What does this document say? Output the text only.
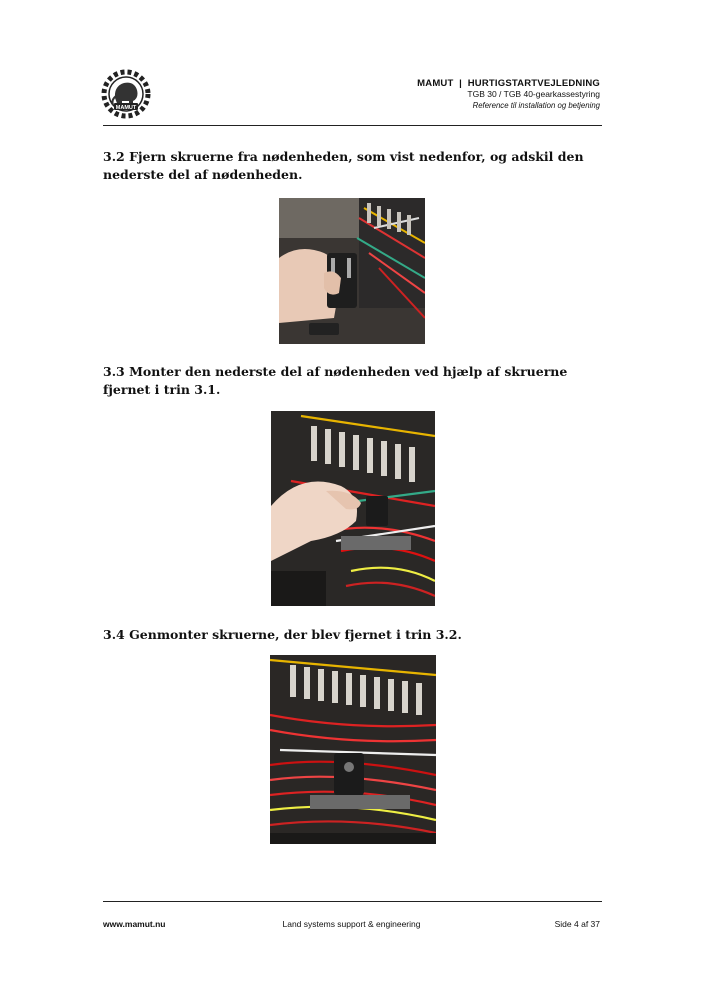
MAMUT
MAMUT  |  HURTIGSTARTVEJLEDNING
TGB 30 / TGB 40-gearkassestyring
Reference til installation og betjening
3.2 Fjern skruerne fra nødenheden, som vist nedenfor, og adskil den nederste del af nødenheden.
3.3 Monter den nederste del af nødenheden ved hjælp af skruerne fjernet i trin 3.1.
3.4 Genmonter skruerne, der blev fjernet i trin 3.2.
www.mamut.nu	Land systems support & engineering	Side 4 af 37
